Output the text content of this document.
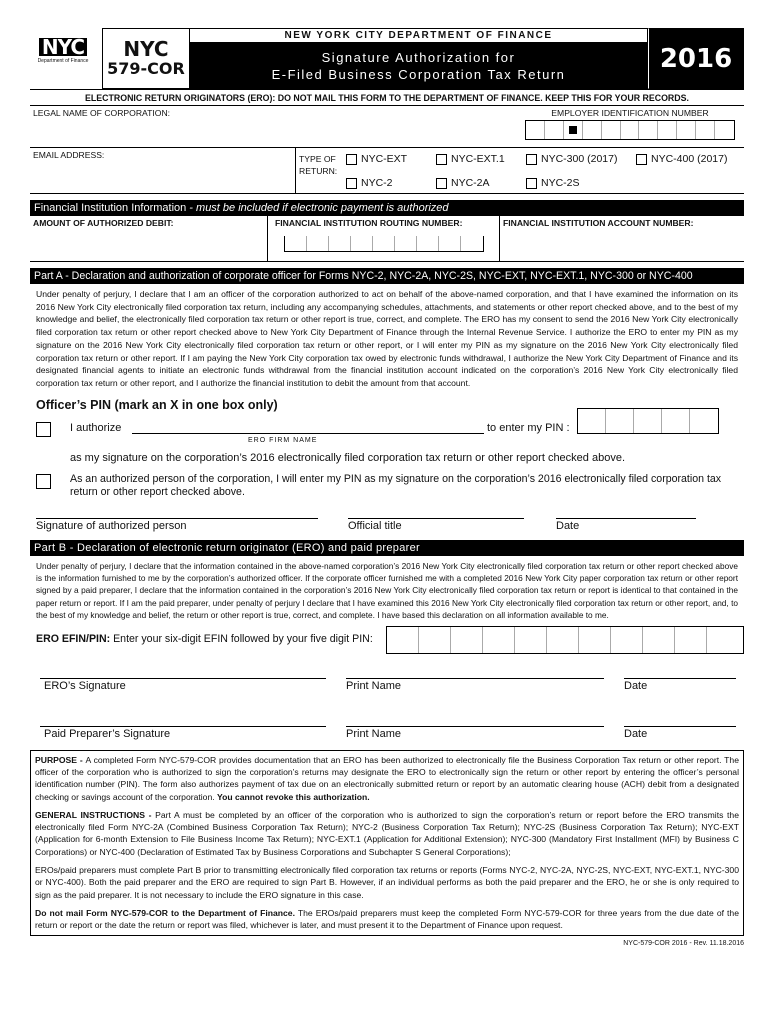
NYC
Department of Finance
NYC
579-COR
NEW YORK CITY DEPARTMENT OF FINANCE
Signature Authorization for
E-Filed Business Corporation Tax Return
2016
ELECTRONIC RETURN ORIGINATORS (ERO): DO NOT MAIL THIS FORM TO THE DEPARTMENT OF FINANCE. KEEP THIS FOR YOUR RECORDS.
LEGAL NAME OF CORPORATION:	EMPLOYER IDENTIFICATION NUMBER
EMAIL ADDRESS:	TYPE OF
RETURN:
NYC-EXT	NYC-EXT.1	NYC-300 (2017)	NYC-400 (2017)
NYC-2	NYC-2A	NYC-2S
Financial Institution Information - must be included if electronic payment is authorized
AMOUNT OF AUTHORIZED DEBIT:	FINANCIAL INSTITUTION ROUTING NUMBER:	FINANCIAL INSTITUTION ACCOUNT NUMBER:
Part A - Declaration and authorization of corporate officer for Forms NYC-2, NYC-2A, NYC-2S, NYC-EXT, NYC-EXT.1, NYC-300 or NYC-400
Under penalty of perjury, I declare that I am an officer of the corporation authorized to act on behalf of the above-named corporation, and that I have examined the information on its 2016 New York City electronically filed corporation tax return, including any accompanying schedules, attachments, and statements or other report checked above, and to the best of my knowledge and belief, the electronically filed corporation tax return or other report is true, correct, and complete. The ERO has my consent to send the 2016 New York City electronically filed corporation tax return or other report checked above to New York City Department of Finance through the Internal Revenue Service. I authorize the ERO to enter my PIN as my signature on the 2016 New York City electronically filed corporation tax return or other report, or I will enter my PIN as my signature on the 2016 New York City electronically filed corporation tax return or other report. If I am paying the New York City corporation tax owed by electronic funds withdrawal, I authorize the New York City Department of Finance and its designated financial agents to initiate an electronic funds withdrawal from the financial institution account indicated on the corporation’s 2016 New York City electronically filed corporation tax return or other report, and I authorize the financial institution to debit the amount from that account.
Officer’s PIN (mark an X in one box only)
I authorize
ERO FIRM NAME
to enter my PIN :
as my signature on the corporation’s 2016 electronically filed corporation tax return or other report checked above.
As an authorized person of the corporation, I will enter my PIN as my signature on the corporation’s 2016 electronically filed corporation tax return or other report checked above.
Signature of authorized person	Official title	Date
Part B - Declaration of electronic return originator (ERO) and paid preparer
Under penalty of perjury, I declare that the information contained in the above-named corporation’s 2016 New York City electronically filed corporation tax return or other report checked above is the information furnished to me by the corporation’s authorized officer. If the corporate officer furnished me with a completed 2016 New York City paper corporation tax return or other report signed by a paid preparer, I declare that the information contained in the corporation’s 2016 New York City electronically filed corporation tax return or report is identical to that contained in the paper return or report. If I am the paid preparer, under penalty of perjury I declare that I have examined this 2016 New York City electronically filed corporation tax return or other report, and, to the best of my knowledge and belief, the return or other report is true, correct, and complete. I have based this declaration on all information available to me.
ERO EFIN/PIN: Enter your six-digit EFIN followed by your five digit PIN:
ERO’s Signature	Print Name	Date
Paid Preparer’s Signature	Print Name	Date
PURPOSE - A completed Form NYC-579-COR provides documentation that an ERO has been authorized to electronically file the Business Corporation Tax return or other report. The officer of the corporation who is authorized to sign the corporation’s returns may designate the ERO to electronically sign the return or other report by entering the officer’s personal identification number (PIN). The form also authorizes payment of tax due on an electronically submitted return or report by an automatic clearing house (ACH) debit from a designated checking or savings account of the corporation. You cannot revoke this authorization.
GENERAL INSTRUCTIONS - Part A must be completed by an officer of the corporation who is authorized to sign the corporation’s return or report before the ERO transmits the electronically filed Form NYC-2A (Combined Business Corporation Tax Return); NYC-2 (Business Corporation Tax Return); NYC-2S (Business Corporation Tax Return); NYC-EXT (Application for 6-month Extension to File Business Income Tax Return); NYC-EXT.1 (Application for Additional Extension); NYC-300 (Mandatory First Installment (MFI) by Business C Corporations) or NYC-400 (Declaration of Estimated Tax by Business Corporations and Subchapter S General Corporations);
EROs/paid preparers must complete Part B prior to transmitting electronically filed corporation tax returns or reports (Forms NYC-2, NYC-2A, NYC-2S, NYC-EXT, NYC-EXT.1, NYC-300 or NYC-400). Both the paid preparer and the ERO are required to sign Part B. However, if an individual performs as both the paid preparer and the ERO, he or she is only required to sign as the paid preparer. It is not necessary to include the ERO signature in this case.
Do not mail Form NYC-579-COR to the Department of Finance. The EROs/paid preparers must keep the completed Form NYC-579-COR for three years from the due date of the return or report or the date the return or report was filed, whichever is later, and must present it to the Department of Finance upon request.
NYC-579-COR 2016 - Rev. 11.18.2016
